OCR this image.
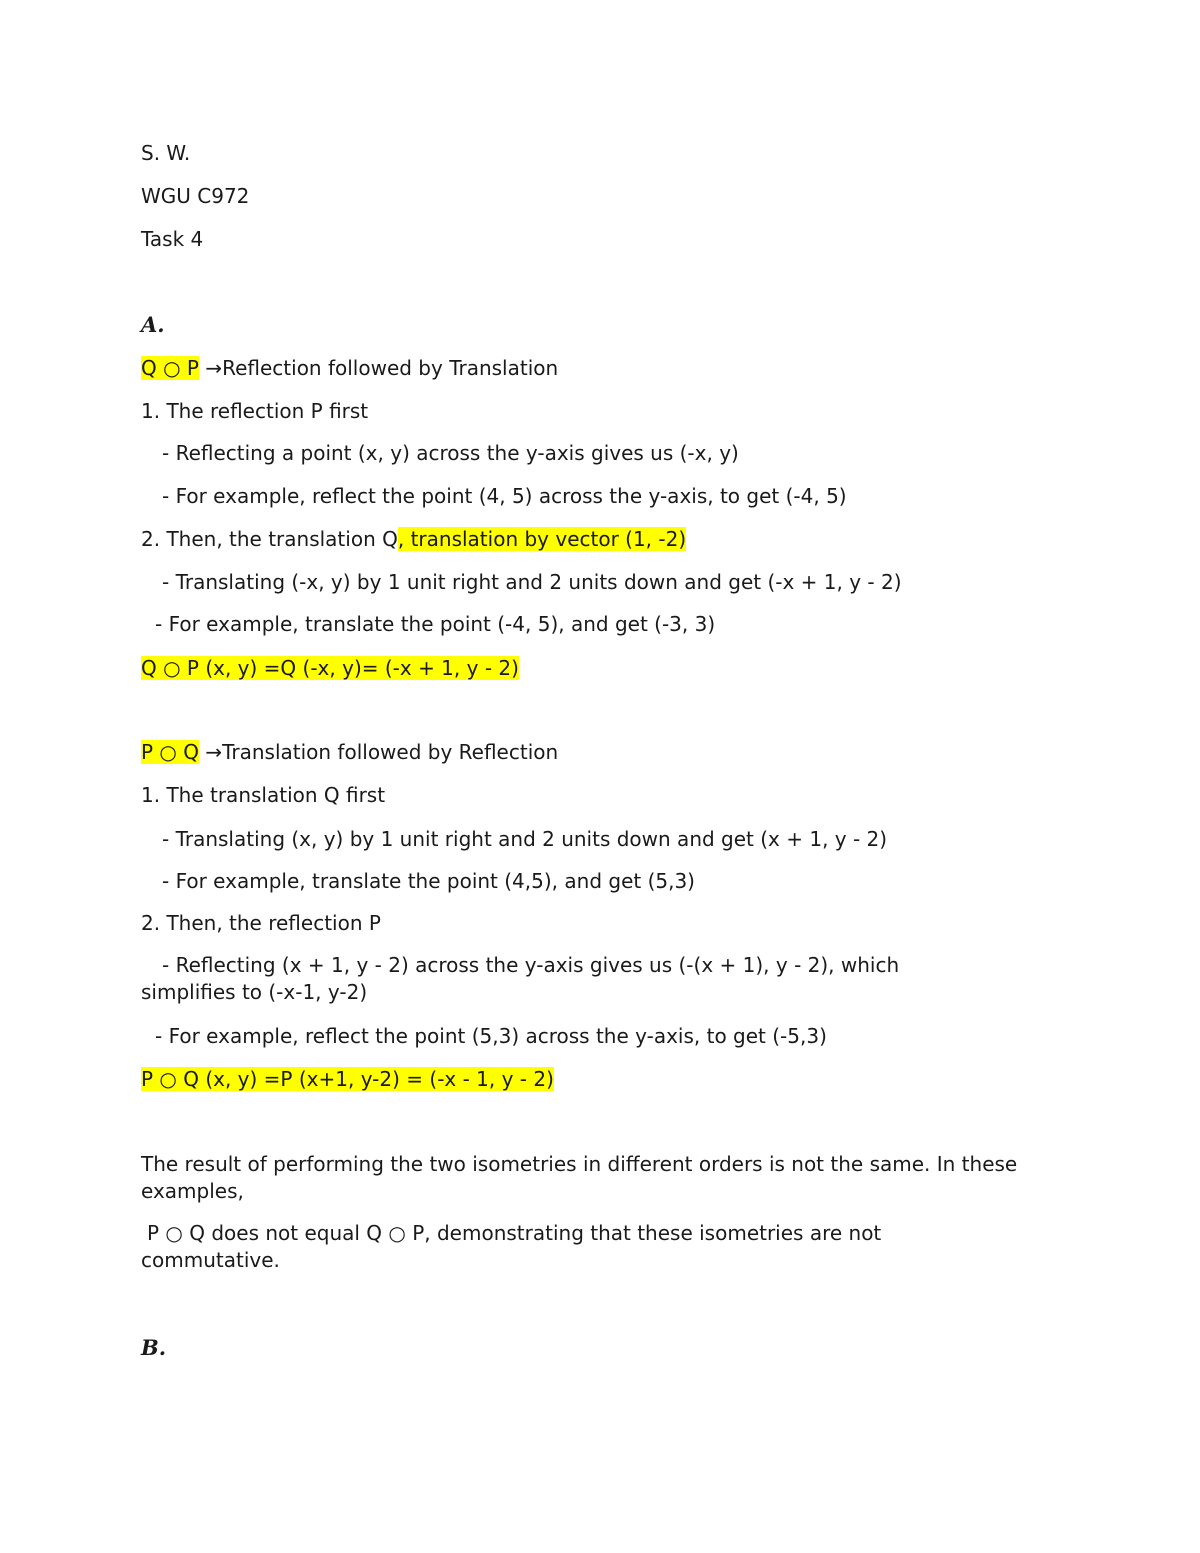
S. W.
WGU C972
Task 4
A.
Q ○ P →Reflection followed by Translation
1. The reflection P first
- Reflecting a point (x, y) across the y-axis gives us (-x, y)
- For example, reflect the point (4, 5) across the y-axis, to get (-4, 5)
2. Then, the translation Q, translation by vector (1, -2)
- Translating (-x, y) by 1 unit right and 2 units down and get (-x + 1, y - 2)
- For example, translate the point (-4, 5), and get (-3, 3)
Q ○ P (x, y) =Q (-x, y)= (-x + 1, y - 2)
P ○ Q →Translation followed by Reflection
1. The translation Q first
- Translating (x, y) by 1 unit right and 2 units down and get (x + 1, y - 2)
- For example, translate the point (4,5), and get (5,3)
2. Then, the reflection P
- Reflecting (x + 1, y - 2) across the y-axis gives us (-(x + 1), y - 2), which simplifies to (-x-1, y-2)
- For example, reflect the point (5,3) across the y-axis, to get (-5,3)
P ○ Q (x, y) =P (x+1, y-2) = (-x - 1, y - 2)
The result of performing the two isometries in different orders is not the same. In these examples,
P ○ Q does not equal Q ○ P, demonstrating that these isometries are not commutative.
B.
